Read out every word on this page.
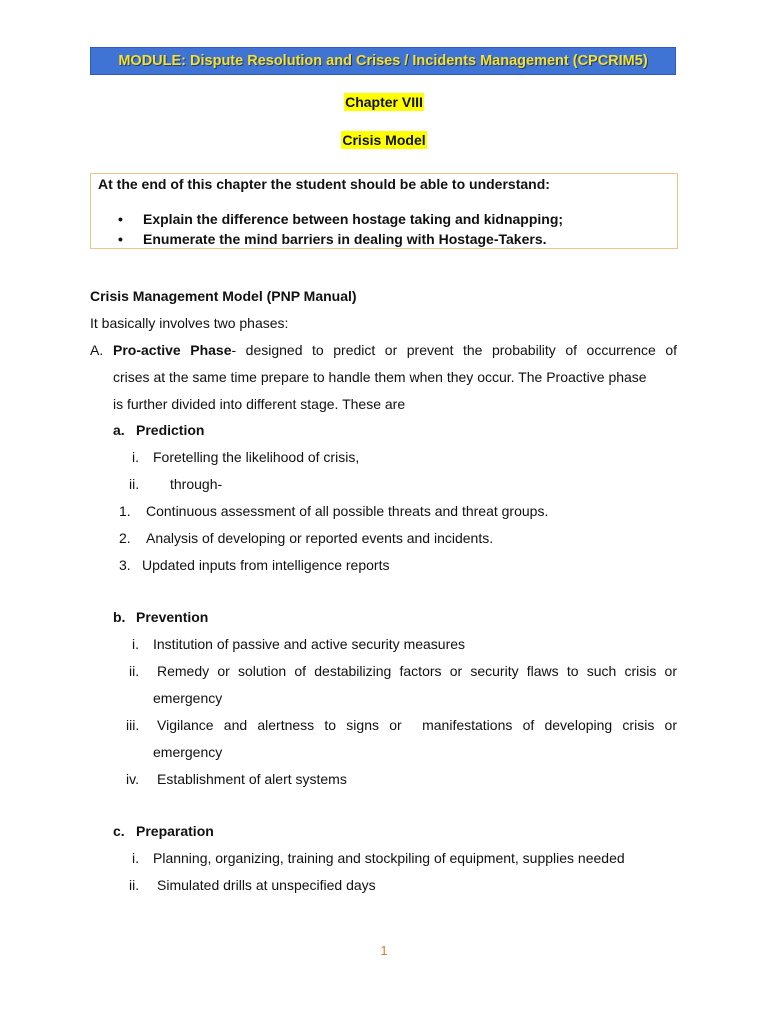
MODULE: Dispute Resolution and Crises / Incidents Management (CPCRIM5)
Chapter VIII
Crisis Model
At the end of this chapter the student should be able to understand:
• Explain the difference between hostage taking and kidnapping;
• Enumerate the mind barriers in dealing with Hostage-Takers.
Crisis Management Model (PNP Manual)
It basically involves two phases:
A. Pro-active Phase- designed to predict or prevent the probability of occurrence of
crises at the same time prepare to handle them when they occur. The Proactive phase
is further divided into different stage. These are
a. Prediction
i. Foretelling the likelihood of crisis,
ii. through-
1. Continuous assessment of all possible threats and threat groups.
2. Analysis of developing or reported events and incidents.
3. Updated inputs from intelligence reports
b. Prevention
i. Institution of passive and active security measures
ii. Remedy or solution of destabilizing factors or security flaws to such crisis or
emergency
iii. Vigilance and alertness to signs or  manifestations of developing crisis or
emergency
iv. Establishment of alert systems
c. Preparation
i. Planning, organizing, training and stockpiling of equipment, supplies needed
ii. Simulated drills at unspecified days
1
